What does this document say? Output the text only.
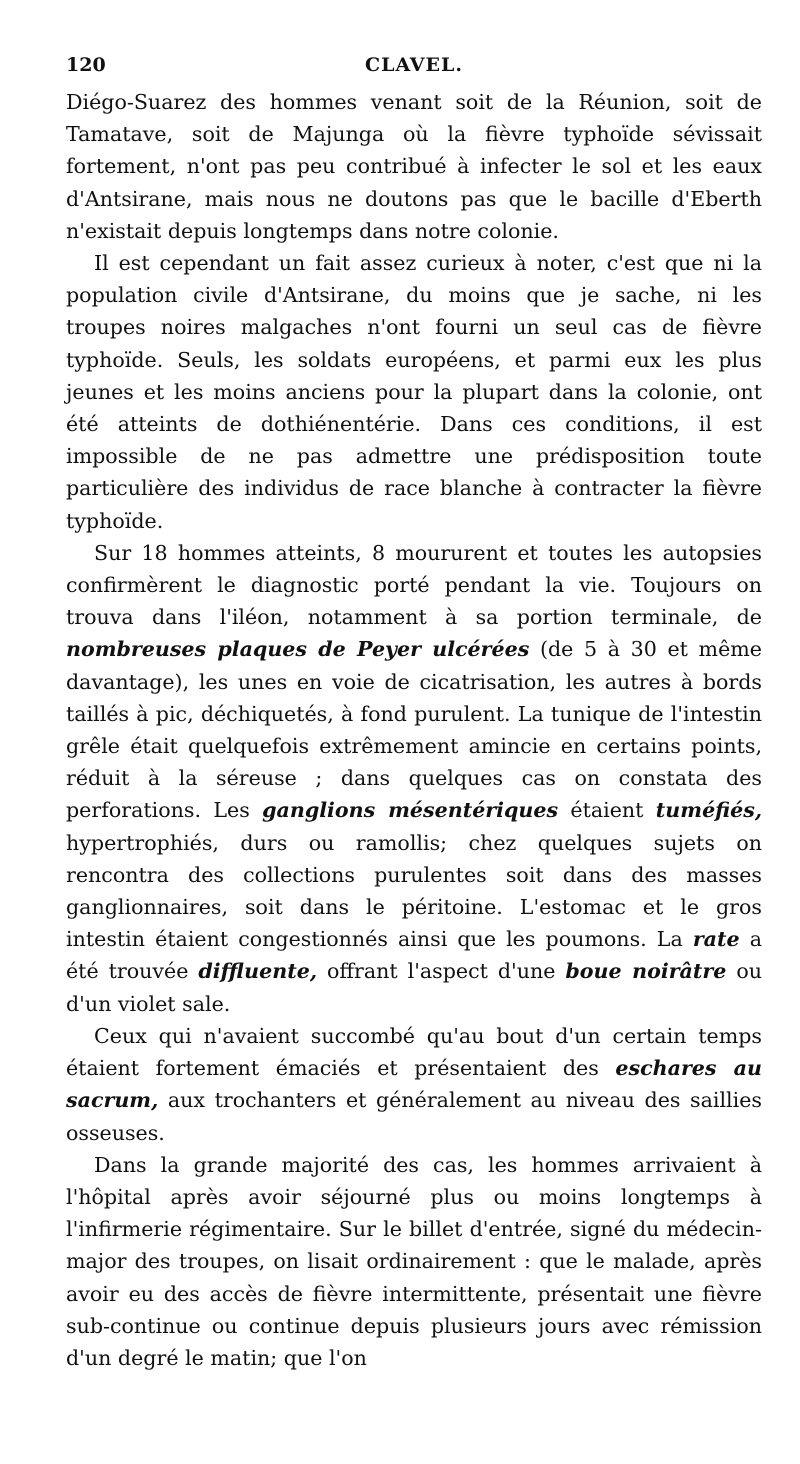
120	CLAVEL.

Diégo-Suarez des hommes venant soit de la Réunion, soit de Tamatave, soit de Majunga où la fièvre typhoïde sévissait fortement, n'ont pas peu contribué à infecter le sol et les eaux d'Antsirane, mais nous ne doutons pas que le bacille d'Eberth n'existait depuis longtemps dans notre colonie.

Il est cependant un fait assez curieux à noter, c'est que ni la population civile d'Antsirane, du moins que je sache, ni les troupes noires malgaches n'ont fourni un seul cas de fièvre typhoïde. Seuls, les soldats européens, et parmi eux les plus jeunes et les moins anciens pour la plupart dans la colonie, ont été atteints de dothiénentérie. Dans ces conditions, il est impossible de ne pas admettre une prédisposition toute particulière des individus de race blanche à contracter la fièvre typhoïde.

Sur 18 hommes atteints, 8 moururent et toutes les autopsies confirmèrent le diagnostic porté pendant la vie. Toujours on trouva dans l'iléon, notamment à sa portion terminale, de nombreuses plaques de Peyer ulcérées (de 5 à 30 et même davantage), les unes en voie de cicatrisation, les autres à bords taillés à pic, déchiquetés, à fond purulent. La tunique de l'intestin grêle était quelquefois extrêmement amincie en certains points, réduit à la séreuse ; dans quelques cas on constata des perforations. Les ganglions mésentériques étaient tuméfiés, hypertrophiés, durs ou ramollis; chez quelques sujets on rencontra des collections purulentes soit dans des masses ganglionnaires, soit dans le péritoine. L'estomac et le gros intestin étaient congestionnés ainsi que les poumons. La rate a été trouvée diffluente, offrant l'aspect d'une boue noirâtre ou d'un violet sale.

Ceux qui n'avaient succombé qu'au bout d'un certain temps étaient fortement émaciés et présentaient des eschares au sacrum, aux trochanters et généralement au niveau des saillies osseuses.

Dans la grande majorité des cas, les hommes arrivaient à l'hôpital après avoir séjourné plus ou moins longtemps à l'infirmerie régimentaire. Sur le billet d'entrée, signé du médecin-major des troupes, on lisait ordinairement : que le malade, après avoir eu des accès de fièvre intermittente, présentait une fièvre sub-continue ou continue depuis plusieurs jours avec rémission d'un degré le matin; que l'on
